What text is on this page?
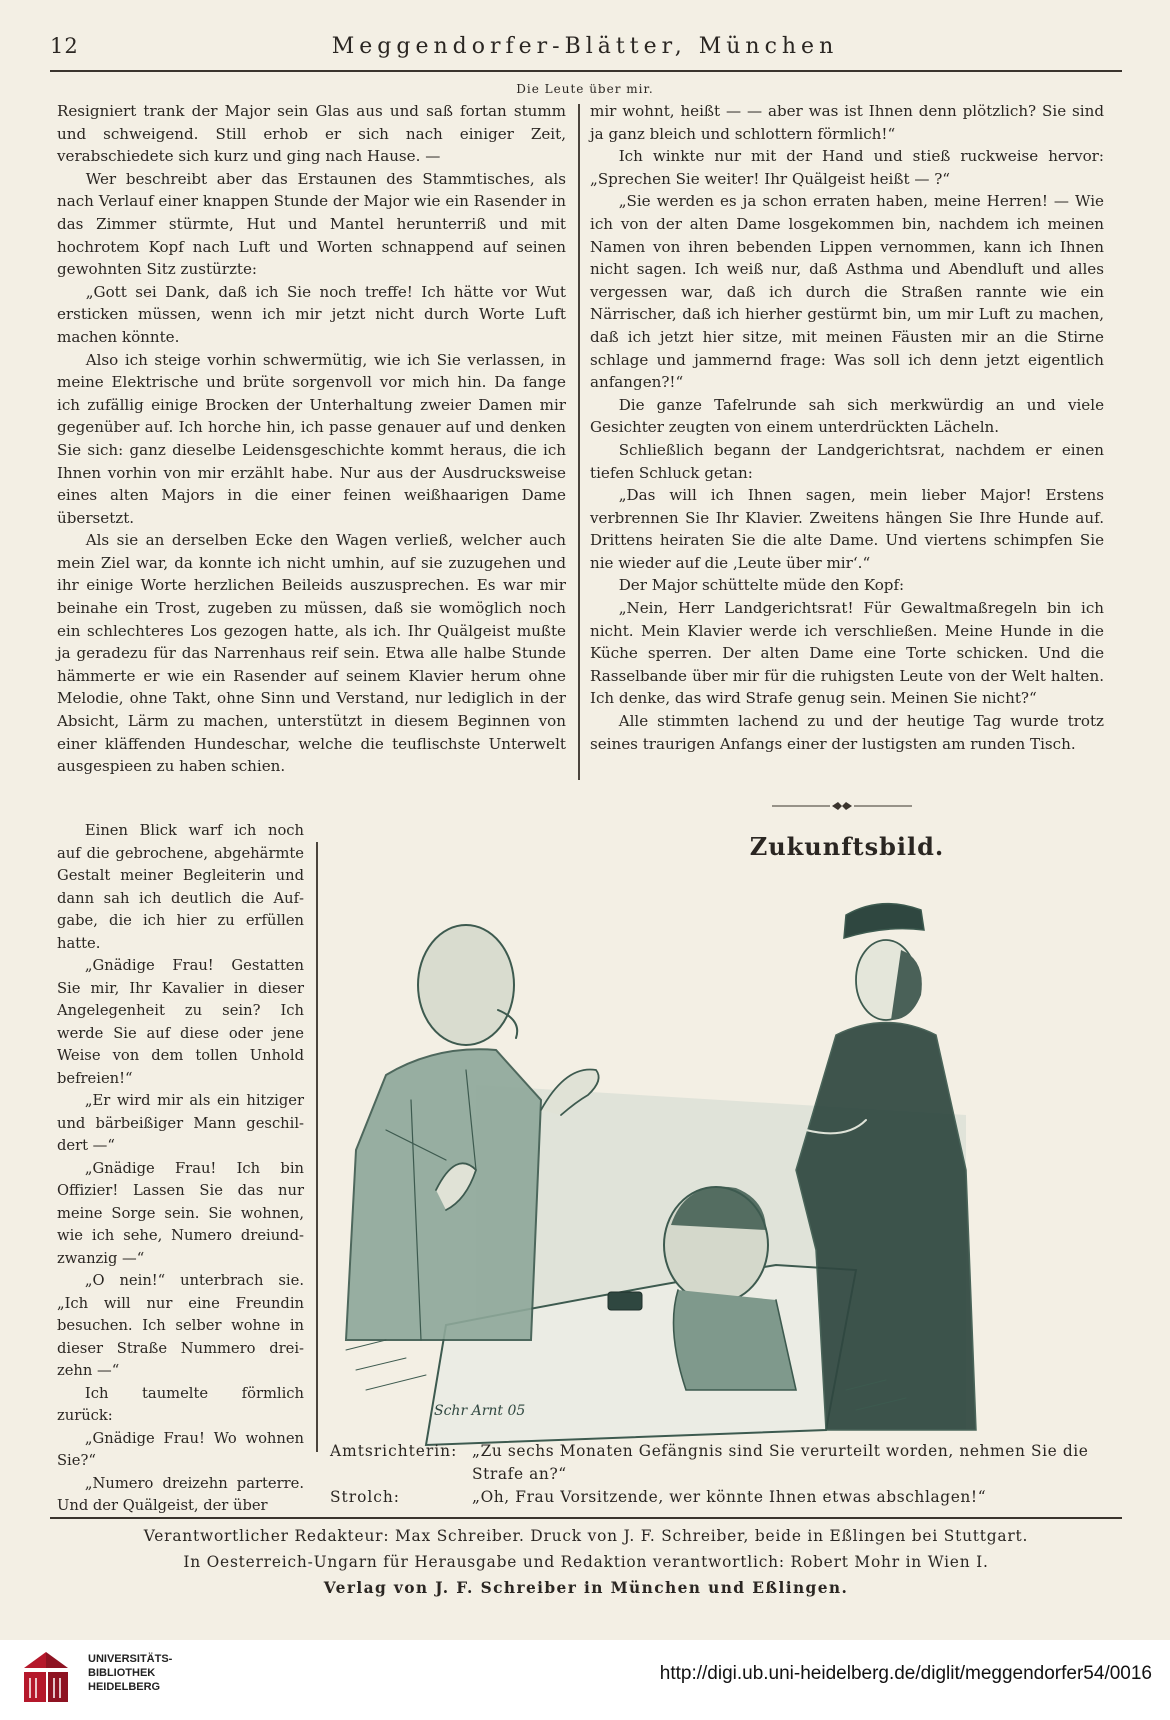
12	Meggendorfer-Blätter, München
Die Leute über mir.

Resigniert trank der Major sein Glas aus und saß fortan stumm und schweigend. Still erhob er sich nach einiger Zeit, verabschiedete sich kurz und ging nach Hause. —

Wer beschreibt aber das Erstaunen des Stammtisches, als nach Verlauf einer knappen Stunde der Major wie ein Rasender in das Zimmer stürmte, Hut und Mantel herunterriß und mit hochrotem Kopf nach Luft und Worten schnappend auf seinen gewohnten Sitz zustürzte:

„Gott sei Dank, daß ich Sie noch treffe! Ich hätte vor Wut ersticken müssen, wenn ich mir jetzt nicht durch Worte Luft machen könnte.

Also ich steige vorhin schwermütig, wie ich Sie verlassen, in meine Elektrische und brüte sorgenvoll vor mich hin. Da fange ich zufällig einige Brocken der Unterhaltung zweier Damen mir gegenüber auf. Ich horche hin, ich passe genauer auf und denken Sie sich: ganz dieselbe Leidensgeschichte kommt heraus, die ich Ihnen vorhin von mir erzählt habe. Nur aus der Ausdrucksweise eines alten Majors in die einer feinen weißhaarigen Dame übersetzt.

Als sie an derselben Ecke den Wagen verließ, welcher auch mein Ziel war, da konnte ich nicht umhin, auf sie zuzugehen und ihr einige Worte herzlichen Beileids auszusprechen. Es war mir beinahe ein Trost, zugeben zu müssen, daß sie womöglich noch ein schlechteres Los gezogen hatte, als ich. Ihr Quälgeist mußte ja geradezu für das Narrenhaus reif sein. Etwa alle halbe Stunde hämmerte er wie ein Rasender auf seinem Klavier herum ohne Melodie, ohne Takt, ohne Sinn und Verstand, nur lediglich in der Absicht, Lärm zu machen, unterstützt in diesem Beginnen von einer kläffenden Hundeschar, welche die teuflischste Unterwelt ausgespieen zu haben schien.

Einen Blick warf ich noch auf die gebrochene, abgehärmte Gestalt meiner Begleiterin und dann sah ich deutlich die Aufgabe, die ich hier zu erfüllen hatte.

„Gnädige Frau! Gestatten Sie mir, Ihr Kavalier in dieser Angelegenheit zu sein? Ich werde Sie auf diese oder jene Weise von dem tollen Unhold befreien!“

„Er wird mir als ein hitziger und bärbeißiger Mann geschildert —“

„Gnädige Frau! Ich bin Offizier! Lassen Sie das nur meine Sorge sein. Sie wohnen, wie ich sehe, Numero dreiundzwanzig —“

„O nein!“ unterbrach sie. „Ich will nur eine Freundin besuchen. Ich selber wohne in dieser Straße Nummero dreizehn —“

Ich taumelte förmlich zurück:

„Gnädige Frau! Wo wohnen Sie?“

„Numero dreizehn parterre. Und der Quälgeist, der über

mir wohnt, heißt — — aber was ist Ihnen denn plötzlich? Sie sind ja ganz bleich und schlottern förmlich!“

Ich winkte nur mit der Hand und stieß ruckweise hervor: „Sprechen Sie weiter! Ihr Quälgeist heißt — ?“

„Sie werden es ja schon erraten haben, meine Herren! — Wie ich von der alten Dame losgekommen bin, nachdem ich meinen Namen von ihren bebenden Lippen vernommen, kann ich Ihnen nicht sagen. Ich weiß nur, daß Asthma und Abendluft und alles vergessen war, daß ich durch die Straßen rannte wie ein Närrischer, daß ich hierher gestürmt bin, um mir Luft zu machen, daß ich jetzt hier sitze, mit meinen Fäusten mir an die Stirne schlage und jammernd frage: Was soll ich denn jetzt eigentlich anfangen?!“

Die ganze Tafelrunde sah sich merkwürdig an und viele Gesichter zeugten von einem unterdrückten Lächeln.

Schließlich begann der Landgerichtsrat, nachdem er einen tiefen Schluck getan:

„Das will ich Ihnen sagen, mein lieber Major! Erstens verbrennen Sie Ihr Klavier. Zweitens hängen Sie Ihre Hunde auf. Drittens heiraten Sie die alte Dame. Und viertens schimpfen Sie nie wieder auf die ‚Leute über mir‘.“

Der Major schüttelte müde den Kopf:

„Nein, Herr Landgerichtsrat! Für Gewaltmaßregeln bin ich nicht. Mein Klavier werde ich verschließen. Meine Hunde in die Küche sperren. Der alten Dame eine Torte schicken. Und die Rasselbande über mir für die ruhigsten Leute von der Welt halten. Ich denke, das wird Strafe genug sein. Meinen Sie nicht?“

Alle stimmten lachend zu und der heutige Tag wurde trotz seines traurigen Anfangs einer der lustigsten am runden Tisch.

Zukunftsbild.
Schr Arnt 05
Amtsrichterin: „Zu sechs Monaten Gefängnis sind Sie verurteilt worden, nehmen Sie die Strafe an?“
Strolch:	„Oh, Frau Vorsitzende, wer könnte Ihnen etwas abschlagen!“
Verantwortlicher Redakteur: Max Schreiber. Druck von J. F. Schreiber, beide in Eßlingen bei Stuttgart.
In Oesterreich-Ungarn für Herausgabe und Redaktion verantwortlich: Robert Mohr in Wien I.
Verlag von J. F. Schreiber in München und Eßlingen.
UNIVERSITÄTS-
BIBLIOTHEK
HEIDELBERG
http://digi.ub.uni-heidelberg.de/diglit/meggendorfer54/0016
